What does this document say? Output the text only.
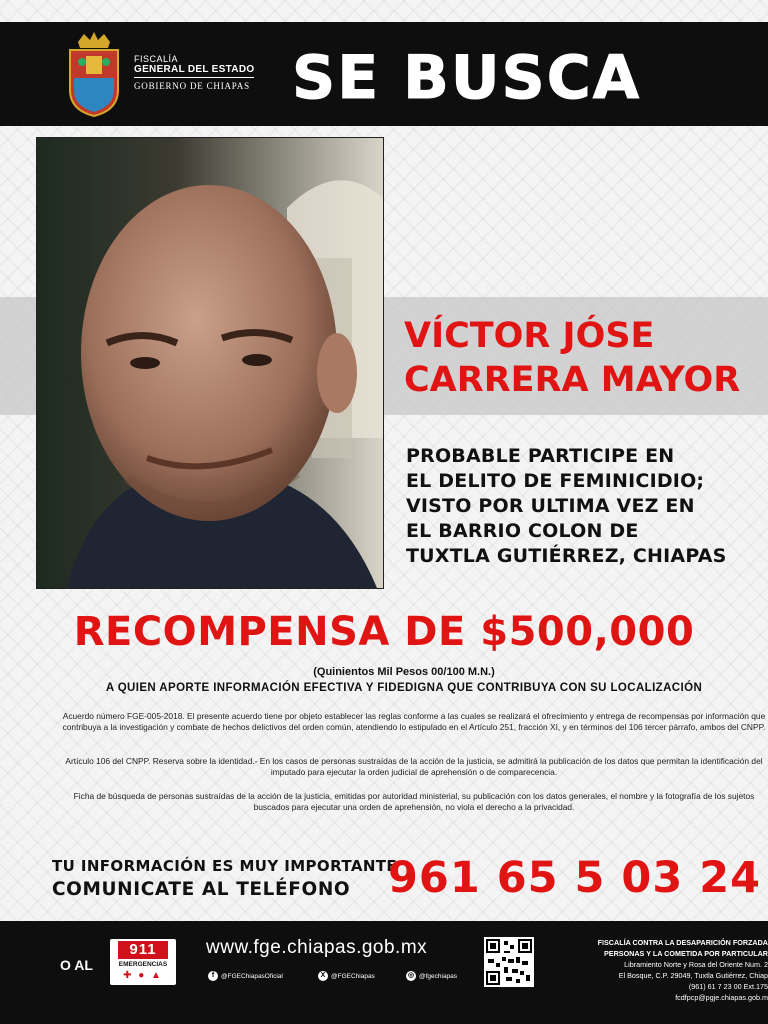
FISCALÍA
GENERAL DEL ESTADO
GOBIERNO DE CHIAPAS SE BUSCA
VÍCTOR JÓSE
CARRERA MAYOR
PROBABLE PARTICIPE EN
EL DELITO DE FEMINICIDIO;
VISTO POR ULTIMA VEZ EN
EL BARRIO COLON DE
TUXTLA GUTIÉRREZ, CHIAPAS
RECOMPENSA DE $500,000
(Quinientos Mil Pesos 00/100 M.N.)
A QUIEN APORTE INFORMACIÓN EFECTIVA Y FIDEDIGNA QUE CONTRIBUYA CON SU LOCALIZACIÓN
Acuerdo número FGE-005-2018. El presente acuerdo tiene por objeto establecer las reglas conforme a las cuales se realizará el ofrecimiento y entrega de recompensas por información que contribuya a la investigación y combate de hechos delictivos del orden común, atendiendo lo estipulado en el Artículo 251, fracción XI, y en términos del 106 tercer párrafo, ambos del CNPP.
Artículo 106 del CNPP. Reserva sobre la identidad.- En los casos de personas sustraídas de la acción de la justicia, se admitirá la publicación de los datos que permitan la identificación del imputado para ejecutar la orden judicial de aprehensión o de comparecencia.
Ficha de búsqueda de personas sustraídas de la acción de la justicia, emitidas por autoridad ministerial, su publicación con los datos generales, el nombre y la fotografía de los sujetos buscados para ejecutar una orden de aprehensión, no viola el derecho a la privacidad.
TU INFORMACIÓN ES MUY IMPORTANTE
COMUNICATE AL TELÉFONO 961 65 5 03 24
O AL
911
EMERGENCIAS
✚ ● ▲
www.fge.chiapas.gob.mx
f	@FGEChiapasOficial	X @FGEChiapas	◎ @fgechiapas
FISCALÍA CONTRA LA DESAPARICIÓN FORZADA
PERSONAS Y LA COMETIDA POR PARTICULAR
Libramiento Norte y Rosa del Oriente Num. 2
El Bosque, C.P. 29049, Tuxtla Gutiérrez, Chiap
(961) 61 7 23 00 Ext.175
fcdfpcp@pgje.chiapas.gob.m
